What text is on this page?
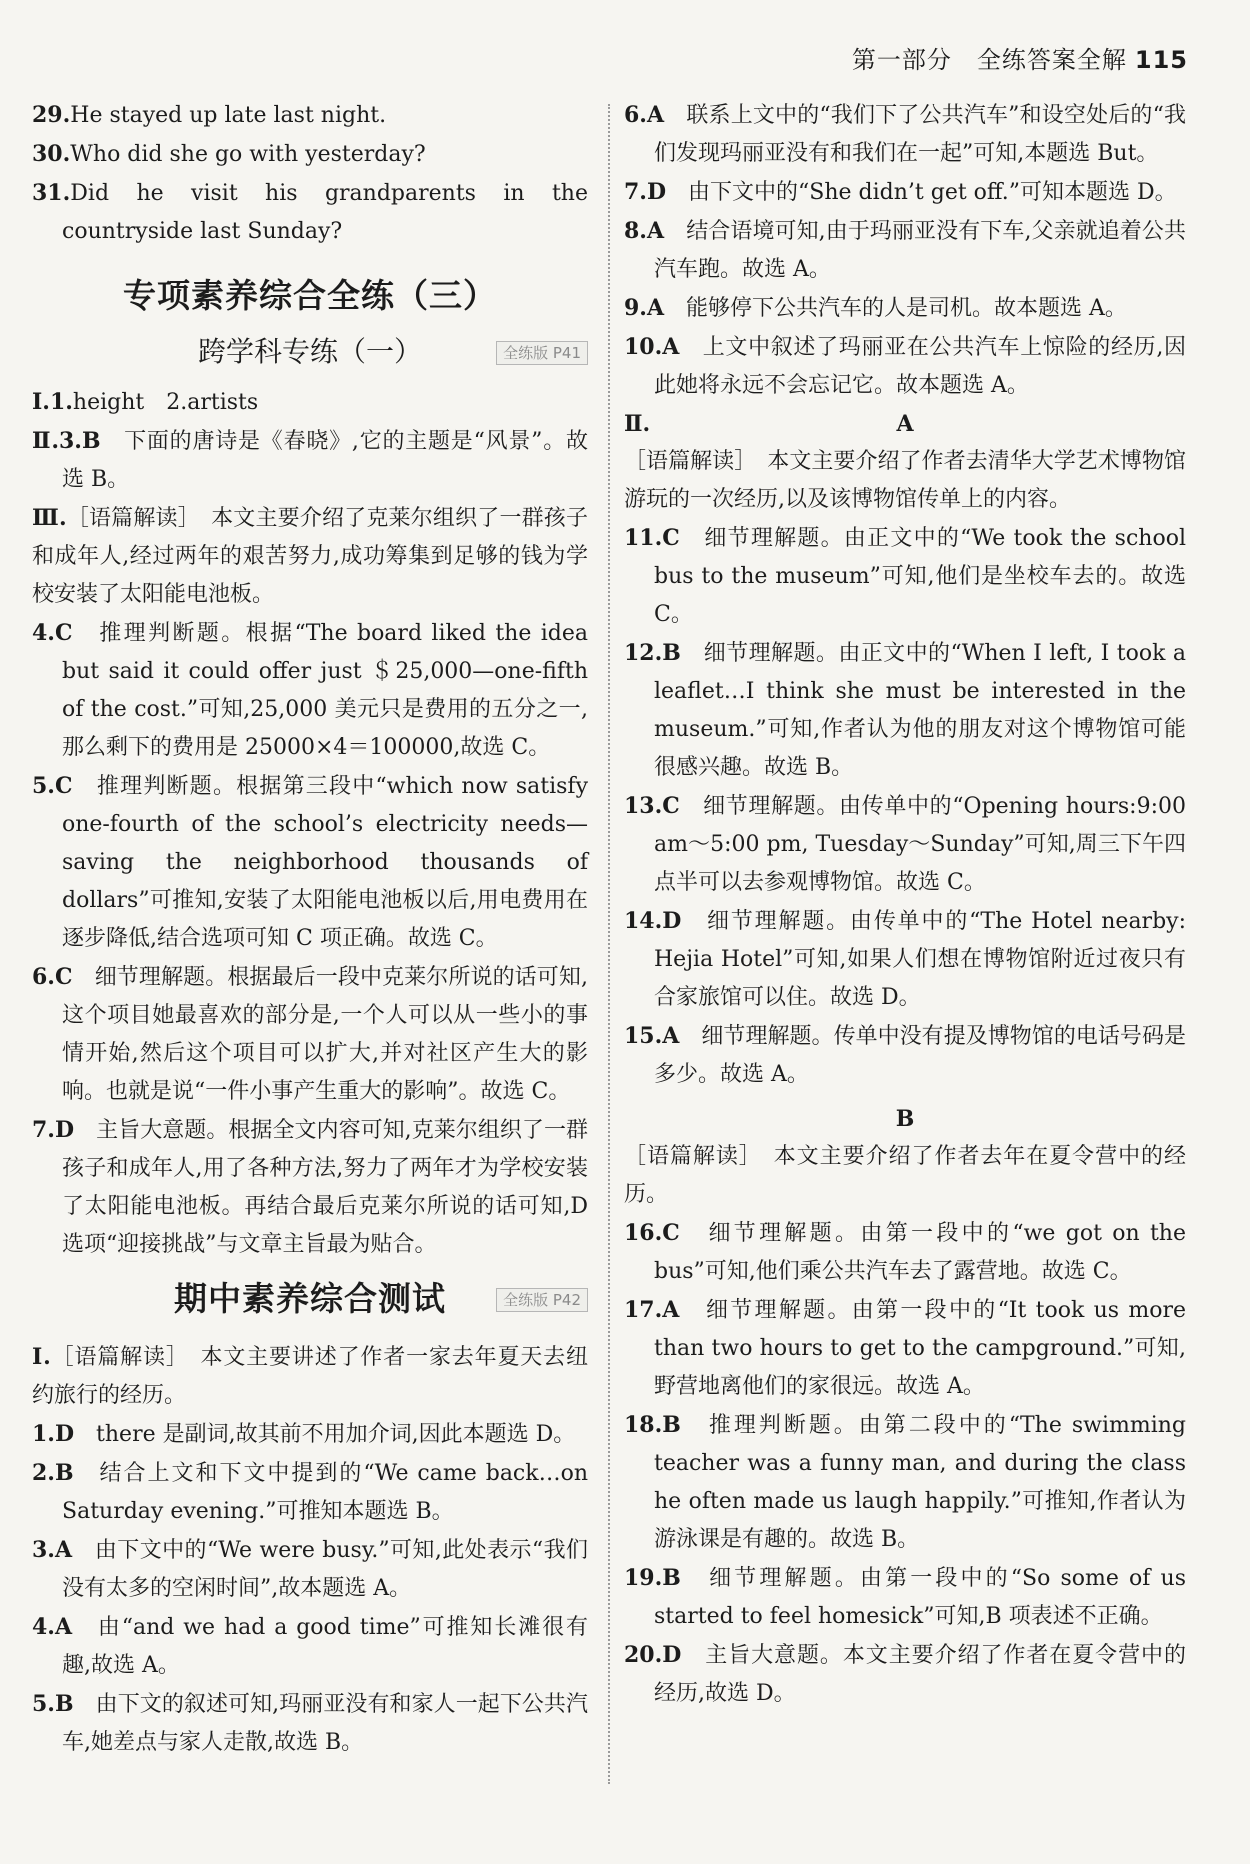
第一部分　全练答案全解 115

29.He stayed up late last night.

30.Who did she go with yesterday?

31.Did he visit his grandparents in the countryside last Sunday?

专项素养综合全练（三）
跨学科专练（一）	全练版 P41

Ⅰ.1.height　2.artists

Ⅱ.3.B　下面的唐诗是《春晓》,它的主题是“风景”。故选 B。

Ⅲ.［语篇解读］　本文主要介绍了克莱尔组织了一群孩子和成年人,经过两年的艰苦努力,成功筹集到足够的钱为学校安装了太阳能电池板。

4.C　推理判断题。根据“The board liked the idea but said it could offer just ＄25,000—one-fifth of the cost.”可知,25,000 美元只是费用的五分之一,那么剩下的费用是 25000×4＝100000,故选 C。

5.C　推理判断题。根据第三段中“which now satisfy one-fourth of the school’s electricity needs—saving the neighborhood thousands of dollars”可推知,安装了太阳能电池板以后,用电费用在逐步降低,结合选项可知 C 项正确。故选 C。

6.C　细节理解题。根据最后一段中克莱尔所说的话可知,这个项目她最喜欢的部分是,一个人可以从一些小的事情开始,然后这个项目可以扩大,并对社区产生大的影响。也就是说“一件小事产生重大的影响”。故选 C。

7.D　主旨大意题。根据全文内容可知,克莱尔组织了一群孩子和成年人,用了各种方法,努力了两年才为学校安装了太阳能电池板。再结合最后克莱尔所说的话可知,D 选项“迎接挑战”与文章主旨最为贴合。

期中素养综合测试	全练版 P42

Ⅰ.［语篇解读］　本文主要讲述了作者一家去年夏天去纽约旅行的经历。

1.D　there 是副词,故其前不用加介词,因此本题选 D。

2.B　结合上文和下文中提到的“We came back…on Saturday evening.”可推知本题选 B。

3.A　由下文中的“We were busy.”可知,此处表示“我们没有太多的空闲时间”,故本题选 A。

4.A　由“and we had a good time”可推知长滩很有趣,故选 A。

5.B　由下文的叙述可知,玛丽亚没有和家人一起下公共汽车,她差点与家人走散,故选 B。

6.A　联系上文中的“我们下了公共汽车”和设空处后的“我们发现玛丽亚没有和我们在一起”可知,本题选 But。

7.D　由下文中的“She didn’t get off.”可知本题选 D。

8.A　结合语境可知,由于玛丽亚没有下车,父亲就追着公共汽车跑。故选 A。

9.A　能够停下公共汽车的人是司机。故本题选 A。

10.A　上文中叙述了玛丽亚在公共汽车上惊险的经历,因此她将永远不会忘记它。故本题选 A。

Ⅱ.	A

［语篇解读］　本文主要介绍了作者去清华大学艺术博物馆游玩的一次经历,以及该博物馆传单上的内容。

11.C　细节理解题。由正文中的“We took the school bus to the museum”可知,他们是坐校车去的。故选 C。

12.B　细节理解题。由正文中的“When I left, I took a leaflet…I think she must be interested in the museum.”可知,作者认为他的朋友对这个博物馆可能很感兴趣。故选 B。

13.C　细节理解题。由传单中的“Opening hours:9:00 am～5:00 pm, Tuesday～Sunday”可知,周三下午四点半可以去参观博物馆。故选 C。

14.D　细节理解题。由传单中的“The Hotel nearby: Hejia Hotel”可知,如果人们想在博物馆附近过夜只有合家旅馆可以住。故选 D。

15.A　细节理解题。传单中没有提及博物馆的电话号码是多少。故选 A。

B

［语篇解读］　本文主要介绍了作者去年在夏令营中的经历。

16.C　细节理解题。由第一段中的“we got on the bus”可知,他们乘公共汽车去了露营地。故选 C。

17.A　细节理解题。由第一段中的“It took us more than two hours to get to the campground.”可知,野营地离他们的家很远。故选 A。

18.B　推理判断题。由第二段中的“The swimming teacher was a funny man, and during the class he often made us laugh happily.”可推知,作者认为游泳课是有趣的。故选 B。

19.B　细节理解题。由第一段中的“So some of us started to feel homesick”可知,B 项表述不正确。

20.D　主旨大意题。本文主要介绍了作者在夏令营中的经历,故选 D。
